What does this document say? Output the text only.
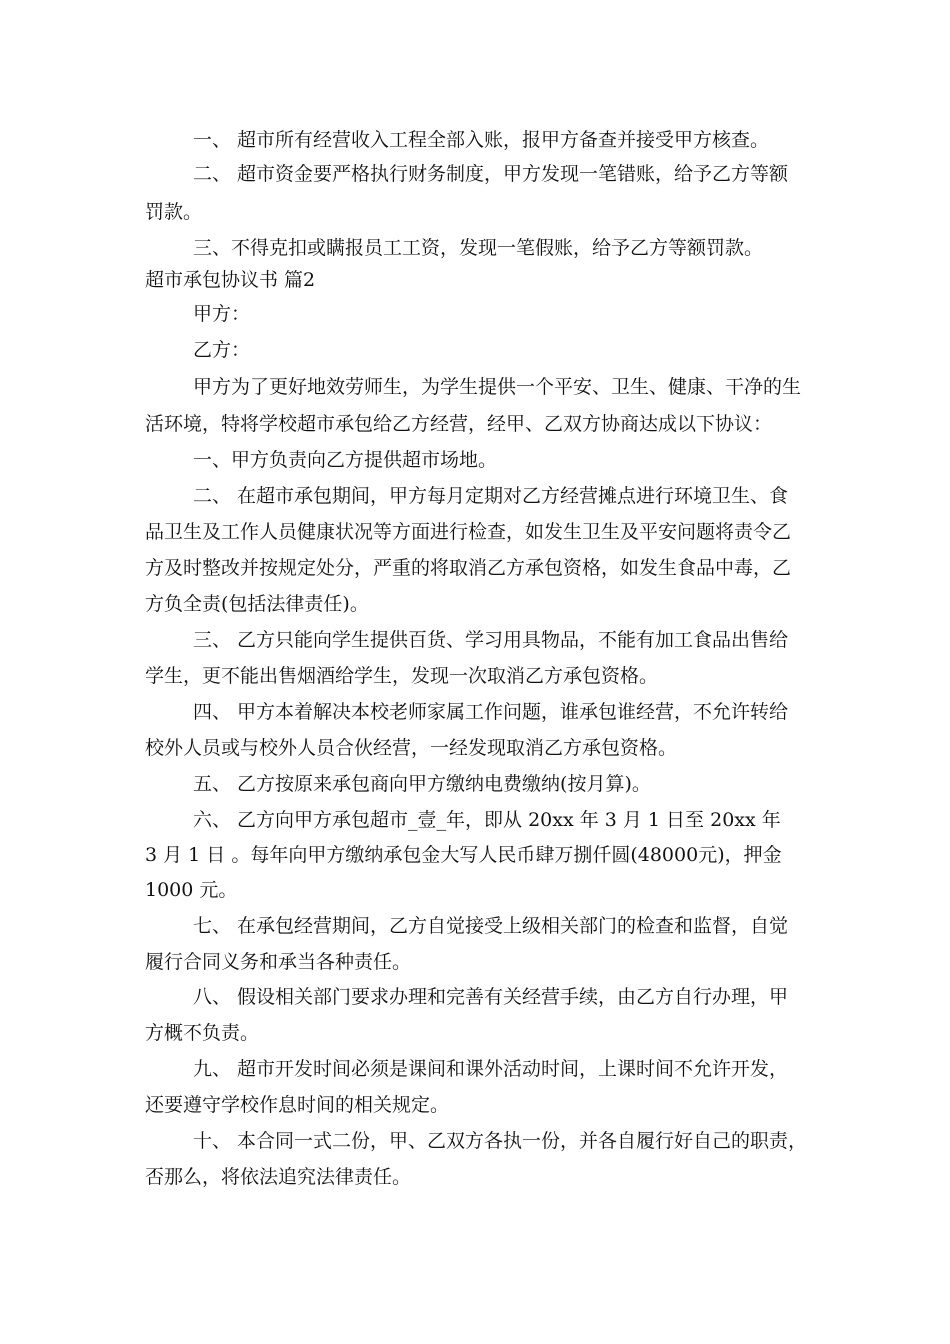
一、 超市所有经营收入工程全部入账，报甲方备查并接受甲方核查。
二、 超市资金要严格执行财务制度，甲方发现一笔错账，给予乙方等额
罚款。
三、不得克扣或瞒报员工工资，发现一笔假账，给予乙方等额罚款。
超市承包协议书 篇2
甲方：
乙方：
甲方为了更好地效劳师生，为学生提供一个平安、卫生、健康、干净的生
活环境，特将学校超市承包给乙方经营，经甲、乙双方协商达成以下协议：
一、甲方负责向乙方提供超市场地。
二、 在超市承包期间，甲方每月定期对乙方经营摊点进行环境卫生、食
品卫生及工作人员健康状况等方面进行检查，如发生卫生及平安问题将责令乙
方及时整改并按规定处分，严重的将取消乙方承包资格，如发生食品中毒，乙
方负全责(包括法律责任)。
三、 乙方只能向学生提供百货、学习用具物品，不能有加工食品出售给
学生，更不能出售烟酒给学生，发现一次取消乙方承包资格。
四、 甲方本着解决本校老师家属工作问题，谁承包谁经营，不允许转给
校外人员或与校外人员合伙经营，一经发现取消乙方承包资格。
五、 乙方按原来承包商向甲方缴纳电费缴纳(按月算)。
六、 乙方向甲方承包超市_壹_年，即从 20xx 年 3 月 1 日至 20xx 年
3 月 1 日 。每年向甲方缴纳承包金大写人民币肆万捌仟圆(48000元)，押金
1000 元。
七、 在承包经营期间，乙方自觉接受上级相关部门的检查和监督，自觉
履行合同义务和承当各种责任。
八、 假设相关部门要求办理和完善有关经营手续，由乙方自行办理，甲
方概不负责。
九、 超市开发时间必须是课间和课外活动时间，上课时间不允许开发，
还要遵守学校作息时间的相关规定。
十、 本合同一式二份，甲、乙双方各执一份，并各自履行好自己的职责，
否那么，将依法追究法律责任。
